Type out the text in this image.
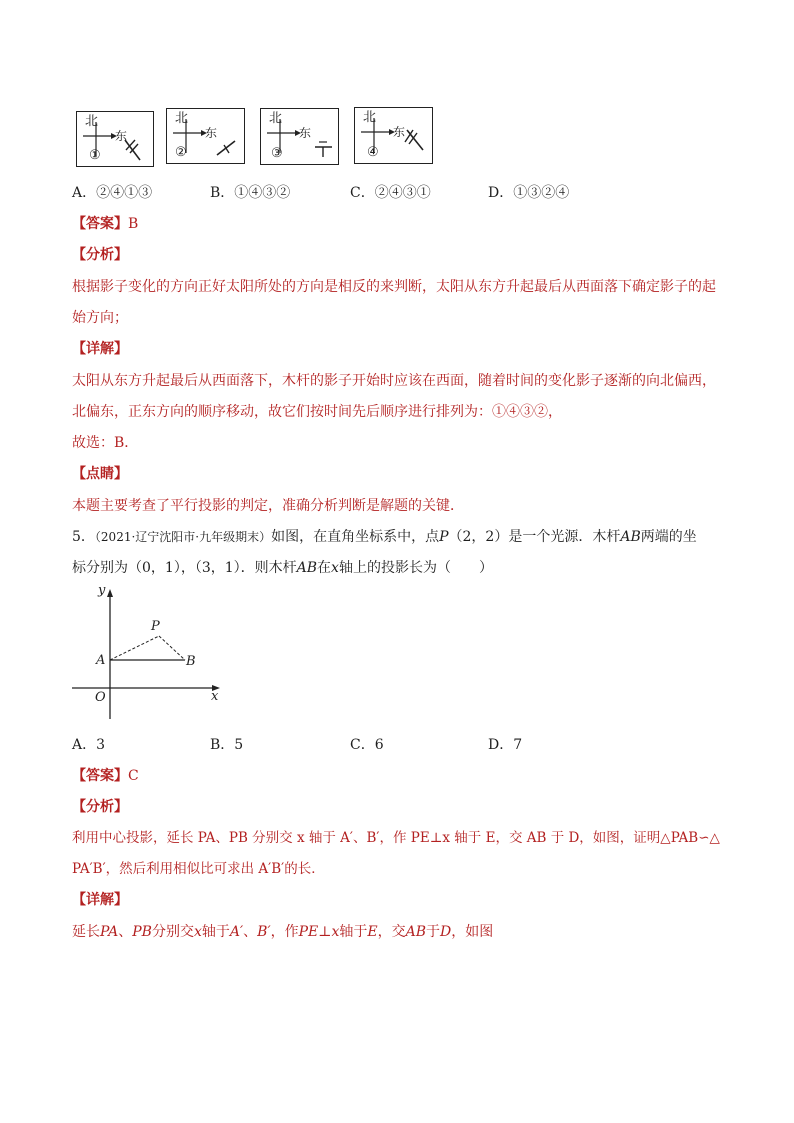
北
东
①
北
东
②
北
东
③
北
东
④
A．②④①③	B．①④③②	C．②④③①	D．①③②④
【答案】B
【分析】
根据影子变化的方向正好太阳所处的方向是相反的来判断，太阳从东方升起最后从西面落下确定影子的起
始方向；
【详解】
太阳从东方升起最后从西面落下，木杆的影子开始时应该在西面，随着时间的变化影子逐渐的向北偏西，
北偏东，正东方向的顺序移动，故它们按时间先后顺序进行排列为：①④③②，
故选：B．
【点睛】
本题主要考查了平行投影的判定，准确分析判断是解题的关键．
5．（2021·辽宁沈阳市·九年级期末）如图，在直角坐标系中，点P（2，2）是一个光源．木杆AB两端的坐
标分别为（0，1），（3，1）．则木杆AB在x轴上的投影长为（　　）
y
x
O
A	B
P
A．3	B．5	C．6	D．7
【答案】C
【分析】
利用中心投影，延长 PA、PB 分别交 x 轴于 A′、B′，作 PE⊥x 轴于 E，交 AB 于 D，如图，证明△PAB∽△
PA′B′，然后利用相似比可求出 A′B′的长．
【详解】
延长PA、PB分别交x轴于A′、B′，作PE⊥x轴于E，交AB于D，如图
